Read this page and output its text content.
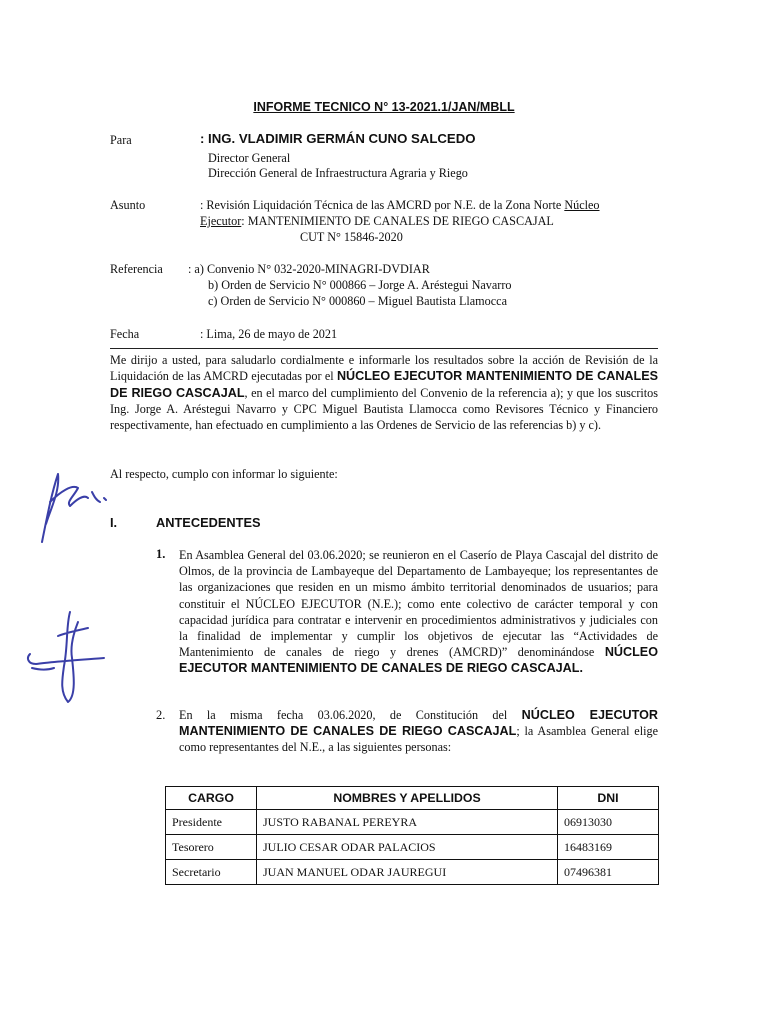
INFORME TECNICO N° 13-2021.1/JAN/MBLL
Para	: ING. VLADIMIR GERMÁN CUNO SALCEDO
Director General
Dirección General de Infraestructura Agraria y Riego
Asunto	: Revisión Liquidación Técnica de las AMCRD por N.E. de la Zona Norte Núcleo
Ejecutor: MANTENIMIENTO DE CANALES DE RIEGO CASCAJAL
CUT N° 15846-2020
Referencia : a) Convenio N° 032-2020-MINAGRI-DVDIAR
b) Orden de Servicio N° 000866 – Jorge A. Aréstegui Navarro
c) Orden de Servicio N° 000860 – Miguel Bautista Llamocca
Fecha	: Lima, 26 de mayo de 2021
Me dirijo a usted, para saludarlo cordialmente e informarle los resultados sobre la acción de Revisión de la Liquidación de las AMCRD ejecutadas por el NÚCLEO EJECUTOR MANTENIMIENTO DE CANALES DE RIEGO CASCAJAL, en el marco del cumplimiento del Convenio de la referencia a); y que los suscritos Ing. Jorge A. Aréstegui Navarro y CPC Miguel Bautista Llamocca como Revisores Técnico y Financiero respectivamente, han efectuado en cumplimiento a las Ordenes de Servicio de las referencias b) y c).
Al respecto, cumplo con informar lo siguiente:
I.	ANTECEDENTES
1. En Asamblea General del 03.06.2020; se reunieron en el Caserío de Playa Cascajal del distrito de Olmos, de la provincia de Lambayeque del Departamento de Lambayeque; los representantes de las organizaciones que residen en un mismo ámbito territorial denominados de usuarios; para constituir el NÚCLEO EJECUTOR (N.E.); como ente colectivo de carácter temporal y con capacidad jurídica para contratar e intervenir en procedimientos administrativos y judiciales con la finalidad de implementar y cumplir los objetivos de ejecutar las “Actividades de Mantenimiento de canales de riego y drenes (AMCRD)” denominándose NÚCLEO EJECUTOR MANTENIMIENTO DE CANALES DE RIEGO CASCAJAL.
2. En la misma fecha 03.06.2020, de Constitución del NÚCLEO EJECUTOR MANTENIMIENTO DE CANALES DE RIEGO CASCAJAL; la Asamblea General elige como representantes del N.E., a las siguientes personas:
CARGO	NOMBRES Y APELLIDOS	DNI
Presidente	JUSTO RABANAL PEREYRA	06913030
Tesorero	JULIO CESAR ODAR PALACIOS	16483169
Secretario	JUAN MANUEL ODAR JAUREGUI	07496381
